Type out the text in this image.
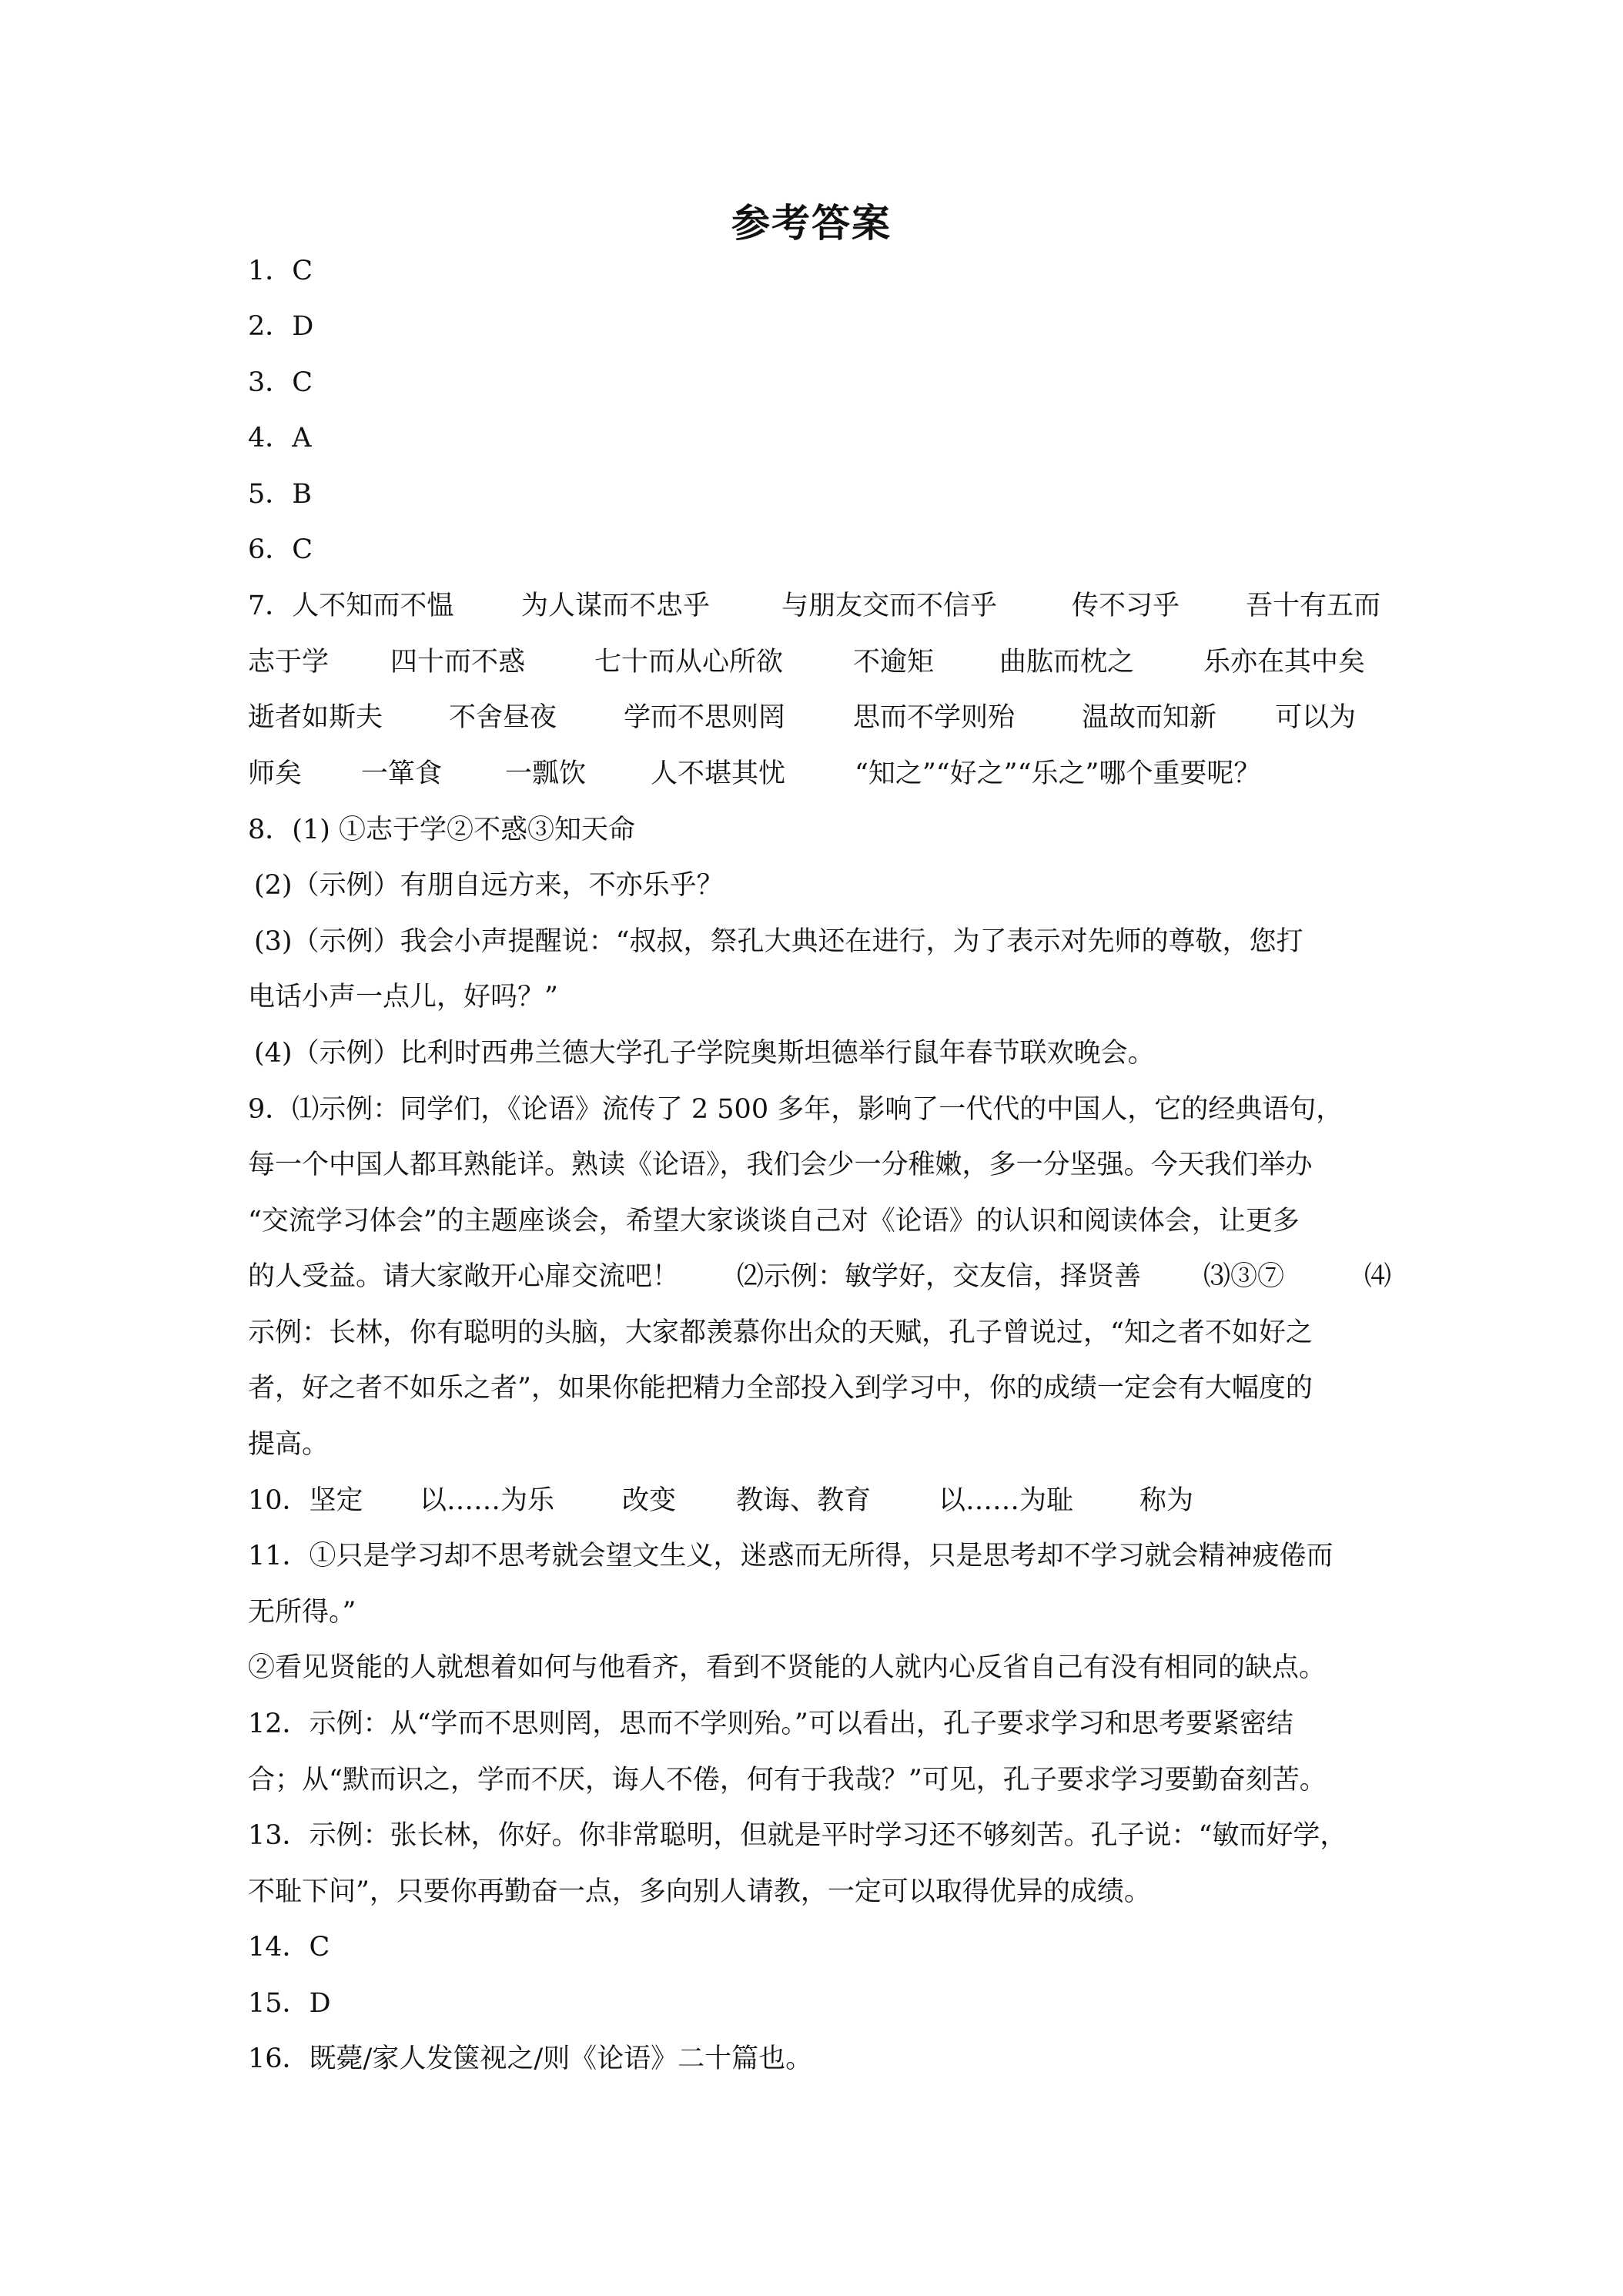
参考答案
1．C
2．D
3．C
4．A
5．B
6．C
7．人不知而不愠	为人谋而不忠乎	与朋友交而不信乎	传不习乎 吾十有五而
志于学 四十而不惑	七十而从心所欲	不逾矩 曲肱而枕之	乐亦在其中矣
逝者如斯夫 不舍昼夜 学而不思则罔	思而不学则殆 温故而知新 可以为
师矣 一箪食 一瓢饮 人不堪其忧	“知之”“好之”“乐之”哪个重要呢？
8．(1) ①志于学②不惑③知天命
(2)（示例）有朋自远方来，不亦乐乎？
(3)（示例）我会小声提醒说：“叔叔，祭孔大典还在进行，为了表示对先师的尊敬，您打
电话小声一点儿，好吗？”
(4)（示例）比利时西弗兰德大学孔子学院奥斯坦德举行鼠年春节联欢晚会。
9．⑴示例：同学们，《论语》流传了 2 500 多年，影响了一代代的中国人，它的经典语句，
每一个中国人都耳熟能详。熟读《论语》，我们会少一分稚嫩，多一分坚强。今天我们举办
“交流学习体会”的主题座谈会，希望大家谈谈自己对《论语》的认识和阅读体会，让更多
的人受益。请大家敞开心扉交流吧！ ⑵示例：敏学好，交友信，择贤善 ⑶③⑦	⑷
示例：长林，你有聪明的头脑，大家都羡慕你出众的天赋，孔子曾说过，“知之者不如好之
者，好之者不如乐之者”，如果你能把精力全部投入到学习中，你的成绩一定会有大幅度的
提高。
10．坚定 以……为乐	改变 教诲、教育	以……为耻 称为
11．①只是学习却不思考就会望文生义，迷惑而无所得，只是思考却不学习就会精神疲倦而
无所得。”
②看见贤能的人就想着如何与他看齐，看到不贤能的人就内心反省自己有没有相同的缺点。
12．示例：从“学而不思则罔，思而不学则殆。”可以看出，孔子要求学习和思考要紧密结
合；从“默而识之，学而不厌，诲人不倦，何有于我哉？”可见，孔子要求学习要勤奋刻苦。
13．示例：张长林，你好。你非常聪明，但就是平时学习还不够刻苦。孔子说：“敏而好学，
不耻下问”，只要你再勤奋一点，多向别人请教，一定可以取得优异的成绩。
14．C
15．D
16．既薨/家人发箧视之/则《论语》二十篇也。
